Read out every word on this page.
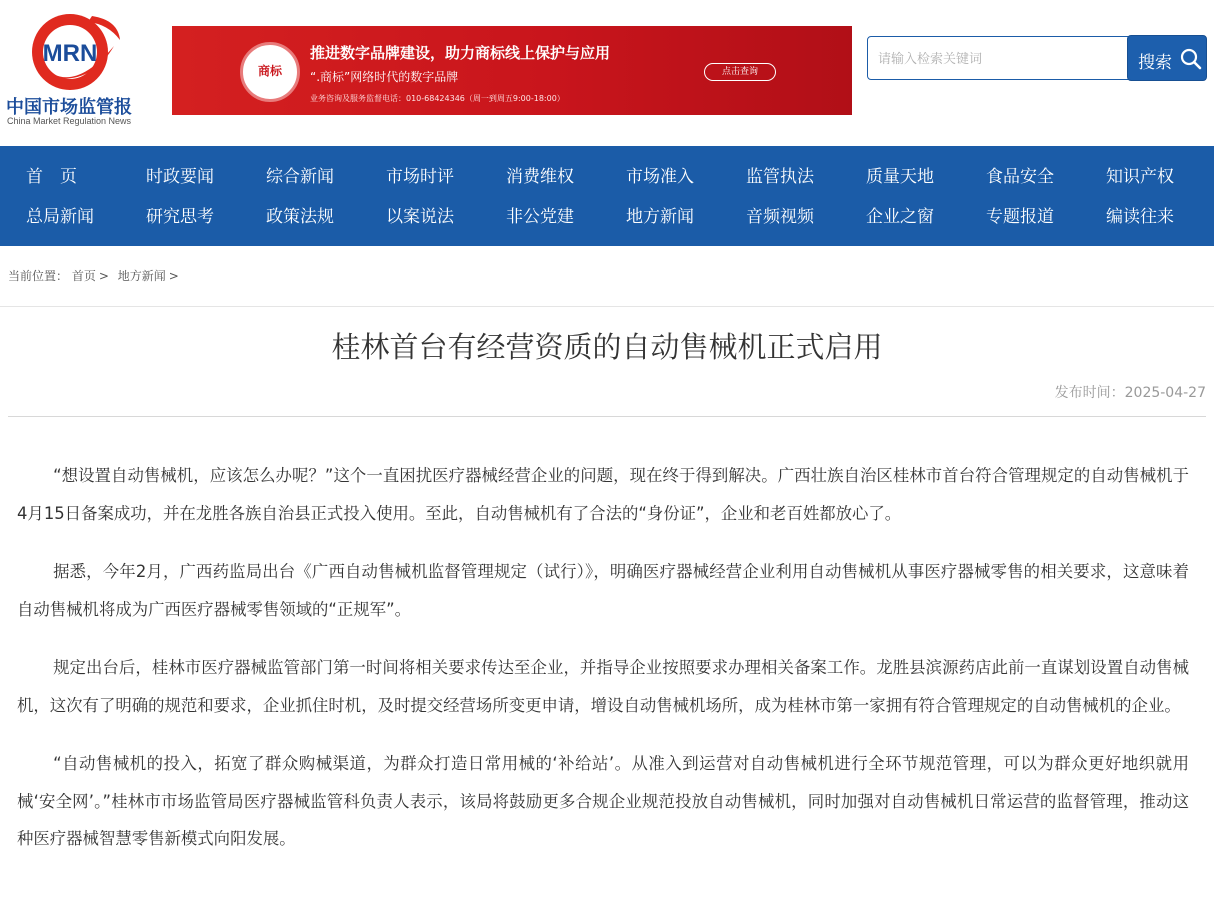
MRN
中国市场监管报
China Market Regulation News
商标
推进数字品牌建设，助力商标线上保护与应用
“.商标”网络时代的数字品牌
业务咨询及服务监督电话：010-68424346（周一到周五9:00-18:00）
点击查询
请输入检索关键词	搜索
首　页	时政要闻	综合新闻	市场时评	消费维权	市场准入	监管执法	质量天地	食品安全	知识产权
总局新闻	研究思考	政策法规	以案说法	非公党建	地方新闻	音频视频	企业之窗	专题报道	编读往来
当前位置： 首页 > 地方新闻 >
桂林首台有经营资质的自动售械机正式启用
发布时间：2025-04-27

“想设置自动售械机，应该怎么办呢？”这个一直困扰医疗器械经营企业的问题，现在终于得到解决。广西壮族自治区桂林市首台符合管理规定的自动售械机于4月15日备案成功，并在龙胜各族自治县正式投入使用。至此，自动售械机有了合法的“身份证”，企业和老百姓都放心了。

据悉，今年2月，广西药监局出台《广西自动售械机监督管理规定（试行）》，明确医疗器械经营企业利用自动售械机从事医疗器械零售的相关要求，这意味着自动售械机将成为广西医疗器械零售领域的“正规军”。

规定出台后，桂林市医疗器械监管部门第一时间将相关要求传达至企业，并指导企业按照要求办理相关备案工作。龙胜县滨源药店此前一直谋划设置自动售械机，这次有了明确的规范和要求，企业抓住时机，及时提交经营场所变更申请，增设自动售械机场所，成为桂林市第一家拥有符合管理规定的自动售械机的企业。

“自动售械机的投入，拓宽了群众购械渠道，为群众打造日常用械的‘补给站’。从准入到运营对自动售械机进行全环节规范管理，可以为群众更好地织就用械‘安全网’。”桂林市市场监管局医疗器械监管科负责人表示，该局将鼓励更多合规企业规范投放自动售械机，同时加强对自动售械机日常运营的监督管理，推动这种医疗器械智慧零售新模式向阳发展。
